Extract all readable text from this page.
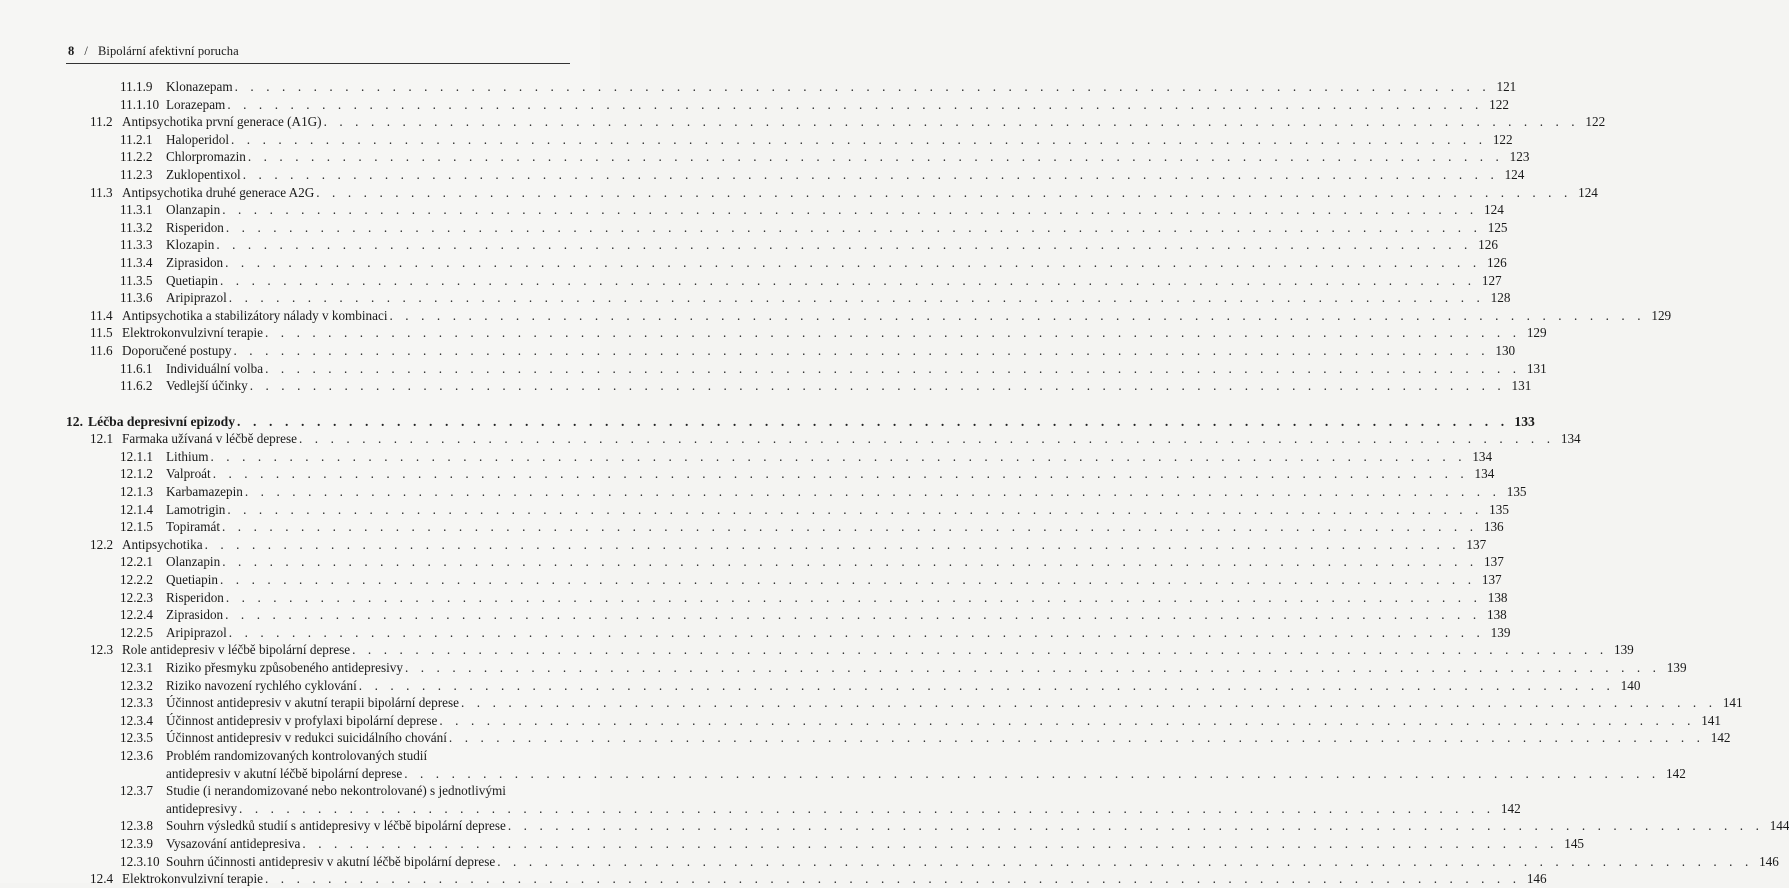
8 / Bipolární afektivní porucha
11.1.9 Klonazepam . . . . . . . . . . . . . . . . . . . . . . . . . . . . . . . . . . . . . . . . . . . . . . . . . . . . . . . . . . . . . . . . . . . . . . . . . . . . . . . . 121
11.1.10 Lorazepam . . . . . . . . . . . . . . . . . . . . . . . . . . . . . . . . . . . . . . . . . . . . . . . . . . . . . . . . . . . . . . . . . . . . . . . . . . . . . . . . 122
11.2 Antipsychotika první generace (A1G) . . . . . . . . . . . . . . . . . . . . . . . . . . . . . . . . . . . . . . . . . . . . . . . . . . . . . . . . . . . . . . . . . . . . . . . . . . . . . . . . 122
11.2.1 Haloperidol . . . . . . . . . . . . . . . . . . . . . . . . . . . . . . . . . . . . . . . . . . . . . . . . . . . . . . . . . . . . . . . . . . . . . . . . . . . . . . . . 122
11.2.2 Chlorpromazin . . . . . . . . . . . . . . . . . . . . . . . . . . . . . . . . . . . . . . . . . . . . . . . . . . . . . . . . . . . . . . . . . . . . . . . . . . . . . . . . 123
11.2.3 Zuklopentixol . . . . . . . . . . . . . . . . . . . . . . . . . . . . . . . . . . . . . . . . . . . . . . . . . . . . . . . . . . . . . . . . . . . . . . . . . . . . . . . . 124
11.3 Antipsychotika druhé generace A2G . . . . . . . . . . . . . . . . . . . . . . . . . . . . . . . . . . . . . . . . . . . . . . . . . . . . . . . . . . . . . . . . . . . . . . . . . . . . . . . . 124
11.3.1 Olanzapin . . . . . . . . . . . . . . . . . . . . . . . . . . . . . . . . . . . . . . . . . . . . . . . . . . . . . . . . . . . . . . . . . . . . . . . . . . . . . . . . 124
11.3.2 Risperidon . . . . . . . . . . . . . . . . . . . . . . . . . . . . . . . . . . . . . . . . . . . . . . . . . . . . . . . . . . . . . . . . . . . . . . . . . . . . . . . . 125
11.3.3 Klozapin . . . . . . . . . . . . . . . . . . . . . . . . . . . . . . . . . . . . . . . . . . . . . . . . . . . . . . . . . . . . . . . . . . . . . . . . . . . . . . . . 126
11.3.4 Ziprasidon . . . . . . . . . . . . . . . . . . . . . . . . . . . . . . . . . . . . . . . . . . . . . . . . . . . . . . . . . . . . . . . . . . . . . . . . . . . . . . . . 126
11.3.5 Quetiapin . . . . . . . . . . . . . . . . . . . . . . . . . . . . . . . . . . . . . . . . . . . . . . . . . . . . . . . . . . . . . . . . . . . . . . . . . . . . . . . . 127
11.3.6 Aripiprazol . . . . . . . . . . . . . . . . . . . . . . . . . . . . . . . . . . . . . . . . . . . . . . . . . . . . . . . . . . . . . . . . . . . . . . . . . . . . . . . . 128
11.4 Antipsychotika a stabilizátory nálady v kombinaci . . . . . . . . . . . . . . . . . . . . . . . . . . . . . . . . . . . . . . . . . . . . . . . . . . . . . . . . . . . . . . . . . . . . . . . . . . . . . . . . 129
11.5 Elektrokonvulzivní terapie . . . . . . . . . . . . . . . . . . . . . . . . . . . . . . . . . . . . . . . . . . . . . . . . . . . . . . . . . . . . . . . . . . . . . . . . . . . . . . . . 129
11.6 Doporučené postupy . . . . . . . . . . . . . . . . . . . . . . . . . . . . . . . . . . . . . . . . . . . . . . . . . . . . . . . . . . . . . . . . . . . . . . . . . . . . . . . . 130
11.6.1 Individuální volba . . . . . . . . . . . . . . . . . . . . . . . . . . . . . . . . . . . . . . . . . . . . . . . . . . . . . . . . . . . . . . . . . . . . . . . . . . . . . . . . 131
11.6.2 Vedlejší účinky . . . . . . . . . . . . . . . . . . . . . . . . . . . . . . . . . . . . . . . . . . . . . . . . . . . . . . . . . . . . . . . . . . . . . . . . . . . . . . . . 131
12. Léčba depresivní epizody . . . . . . . . . . . . . . . . . . . . . . . . . . . . . . . . . . . . . . . . . . . . . . . . . . . . . . . . . . . . . . . . . . . . . . . . . . . . . . . . 133
12.1 Farmaka užívaná v léčbě deprese . . . . . . . . . . . . . . . . . . . . . . . . . . . . . . . . . . . . . . . . . . . . . . . . . . . . . . . . . . . . . . . . . . . . . . . . . . . . . . . . 134
12.1.1 Lithium . . . . . . . . . . . . . . . . . . . . . . . . . . . . . . . . . . . . . . . . . . . . . . . . . . . . . . . . . . . . . . . . . . . . . . . . . . . . . . . . 134
12.1.2 Valproát . . . . . . . . . . . . . . . . . . . . . . . . . . . . . . . . . . . . . . . . . . . . . . . . . . . . . . . . . . . . . . . . . . . . . . . . . . . . . . . . 134
12.1.3 Karbamazepin . . . . . . . . . . . . . . . . . . . . . . . . . . . . . . . . . . . . . . . . . . . . . . . . . . . . . . . . . . . . . . . . . . . . . . . . . . . . . . . . 135
12.1.4 Lamotrigin . . . . . . . . . . . . . . . . . . . . . . . . . . . . . . . . . . . . . . . . . . . . . . . . . . . . . . . . . . . . . . . . . . . . . . . . . . . . . . . . 135
12.1.5 Topiramát . . . . . . . . . . . . . . . . . . . . . . . . . . . . . . . . . . . . . . . . . . . . . . . . . . . . . . . . . . . . . . . . . . . . . . . . . . . . . . . . 136
12.2 Antipsychotika . . . . . . . . . . . . . . . . . . . . . . . . . . . . . . . . . . . . . . . . . . . . . . . . . . . . . . . . . . . . . . . . . . . . . . . . . . . . . . . . 137
12.2.1 Olanzapin . . . . . . . . . . . . . . . . . . . . . . . . . . . . . . . . . . . . . . . . . . . . . . . . . . . . . . . . . . . . . . . . . . . . . . . . . . . . . . . . 137
12.2.2 Quetiapin . . . . . . . . . . . . . . . . . . . . . . . . . . . . . . . . . . . . . . . . . . . . . . . . . . . . . . . . . . . . . . . . . . . . . . . . . . . . . . . . 137
12.2.3 Risperidon . . . . . . . . . . . . . . . . . . . . . . . . . . . . . . . . . . . . . . . . . . . . . . . . . . . . . . . . . . . . . . . . . . . . . . . . . . . . . . . . 138
12.2.4 Ziprasidon . . . . . . . . . . . . . . . . . . . . . . . . . . . . . . . . . . . . . . . . . . . . . . . . . . . . . . . . . . . . . . . . . . . . . . . . . . . . . . . . 138
12.2.5 Aripiprazol . . . . . . . . . . . . . . . . . . . . . . . . . . . . . . . . . . . . . . . . . . . . . . . . . . . . . . . . . . . . . . . . . . . . . . . . . . . . . . . . 139
12.3 Role antidepresiv v léčbě bipolární deprese . . . . . . . . . . . . . . . . . . . . . . . . . . . . . . . . . . . . . . . . . . . . . . . . . . . . . . . . . . . . . . . . . . . . . . . . . . . . . . . . 139
12.3.1 Riziko přesmyku způsobeného antidepresivy . . . . . . . . . . . . . . . . . . . . . . . . . . . . . . . . . . . . . . . . . . . . . . . . . . . . . . . . . . . . . . . . . . . . . . . . . . . . . . . . 139
12.3.2 Riziko navození rychlého cyklování . . . . . . . . . . . . . . . . . . . . . . . . . . . . . . . . . . . . . . . . . . . . . . . . . . . . . . . . . . . . . . . . . . . . . . . . . . . . . . . . 140
12.3.3 Účinnost antidepresiv v akutní terapii bipolární deprese . . . . . . . . . . . . . . . . . . . . . . . . . . . . . . . . . . . . . . . . . . . . . . . . . . . . . . . . . . . . . . . . . . . . . . . . . . . . . . . . 141
12.3.4 Účinnost antidepresiv v profylaxi bipolární deprese . . . . . . . . . . . . . . . . . . . . . . . . . . . . . . . . . . . . . . . . . . . . . . . . . . . . . . . . . . . . . . . . . . . . . . . . . . . . . . . . 141
12.3.5 Účinnost antidepresiv v redukci suicidálního chování . . . . . . . . . . . . . . . . . . . . . . . . . . . . . . . . . . . . . . . . . . . . . . . . . . . . . . . . . . . . . . . . . . . . . . . . . . . . . . . . 142
12.3.6 Problém randomizovaných kontrolovaných studií
antidepresiv v akutní léčbě bipolární deprese . . . . . . . . . . . . . . . . . . . . . . . . . . . . . . . . . . . . . . . . . . . . . . . . . . . . . . . . . . . . . . . . . . . . . . . . . . . . . . . . 142
12.3.7 Studie (i nerandomizované nebo nekontrolované) s jednotlivými
antidepresivy . . . . . . . . . . . . . . . . . . . . . . . . . . . . . . . . . . . . . . . . . . . . . . . . . . . . . . . . . . . . . . . . . . . . . . . . . . . . . . . . 142
12.3.8 Souhrn výsledků studií s antidepresivy v léčbě bipolární deprese . . . . . . . . . . . . . . . . . . . . . . . . . . . . . . . . . . . . . . . . . . . . . . . . . . . . . . . . . . . . . . . . . . . . . . . . . . . . . . . . 144
12.3.9 Vysazování antidepresiva . . . . . . . . . . . . . . . . . . . . . . . . . . . . . . . . . . . . . . . . . . . . . . . . . . . . . . . . . . . . . . . . . . . . . . . . . . . . . . . . 145
12.3.10 Souhrn účinnosti antidepresiv v akutní léčbě bipolární deprese . . . . . . . . . . . . . . . . . . . . . . . . . . . . . . . . . . . . . . . . . . . . . . . . . . . . . . . . . . . . . . . . . . . . . . . . . . . . . . . . 146
12.4 Elektrokonvulzivní terapie . . . . . . . . . . . . . . . . . . . . . . . . . . . . . . . . . . . . . . . . . . . . . . . . . . . . . . . . . . . . . . . . . . . . . . . . . . . . . . . . 146
